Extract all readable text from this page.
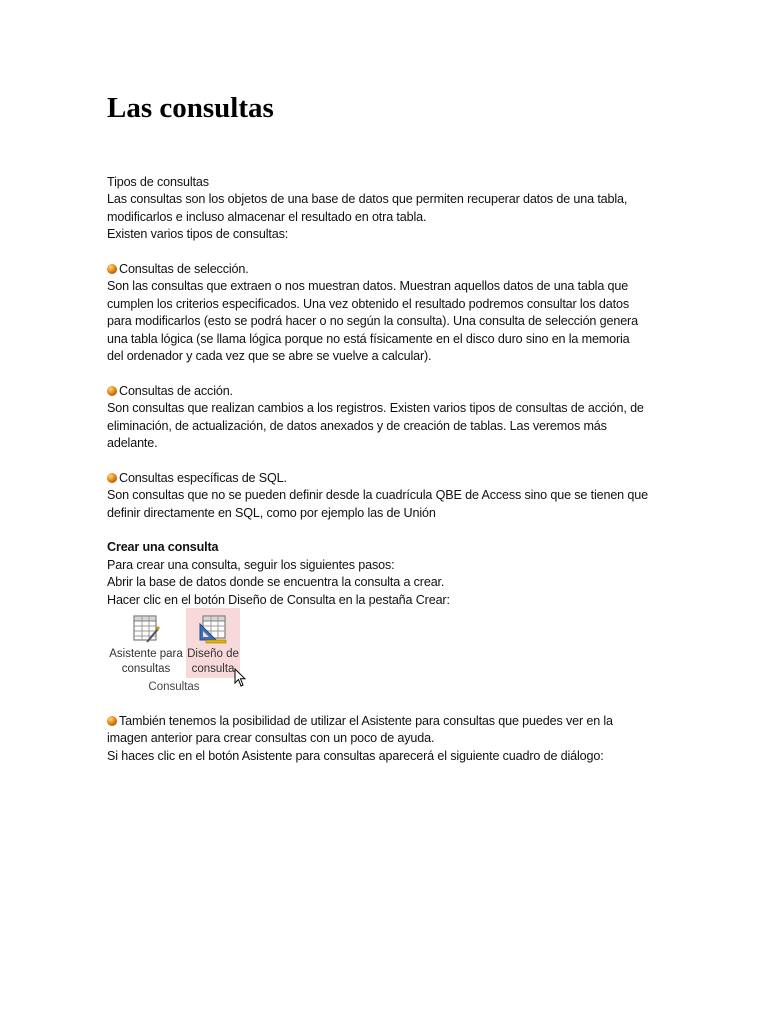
Las consultas
Tipos de consultas
Las consultas son los objetos de una base de datos que permiten recuperar datos de una tabla,
modificarlos e incluso almacenar el resultado en otra tabla.
Existen varios tipos de consultas:
Consultas de selección.
Son las consultas que extraen o nos muestran datos. Muestran aquellos datos de una tabla que
cumplen los criterios especificados. Una vez obtenido el resultado podremos consultar los datos
para modificarlos (esto se podrá hacer o no según la consulta). Una consulta de selección genera
una tabla lógica (se llama lógica porque no está físicamente en el disco duro sino en la memoria
del ordenador y cada vez que se abre se vuelve a calcular).
Consultas de acción.
Son consultas que realizan cambios a los registros. Existen varios tipos de consultas de acción, de
eliminación, de actualización, de datos anexados y de creación de tablas. Las veremos más
adelante.
Consultas específicas de SQL.
Son consultas que no se pueden definir desde la cuadrícula QBE de Access sino que se tienen que
definir directamente en SQL, como por ejemplo las de Unión
Crear una consulta
Para crear una consulta, seguir los siguientes pasos:
Abrir la base de datos donde se encuentra la consulta a crear.
Hacer clic en el botón Diseño de Consulta en la pestaña Crear:
Asistente para
consultas
Diseño de
consulta
Consultas
También tenemos la posibilidad de utilizar el Asistente para consultas que puedes ver en la
imagen anterior para crear consultas con un poco de ayuda.
Si haces clic en el botón Asistente para consultas aparecerá el siguiente cuadro de diálogo:
